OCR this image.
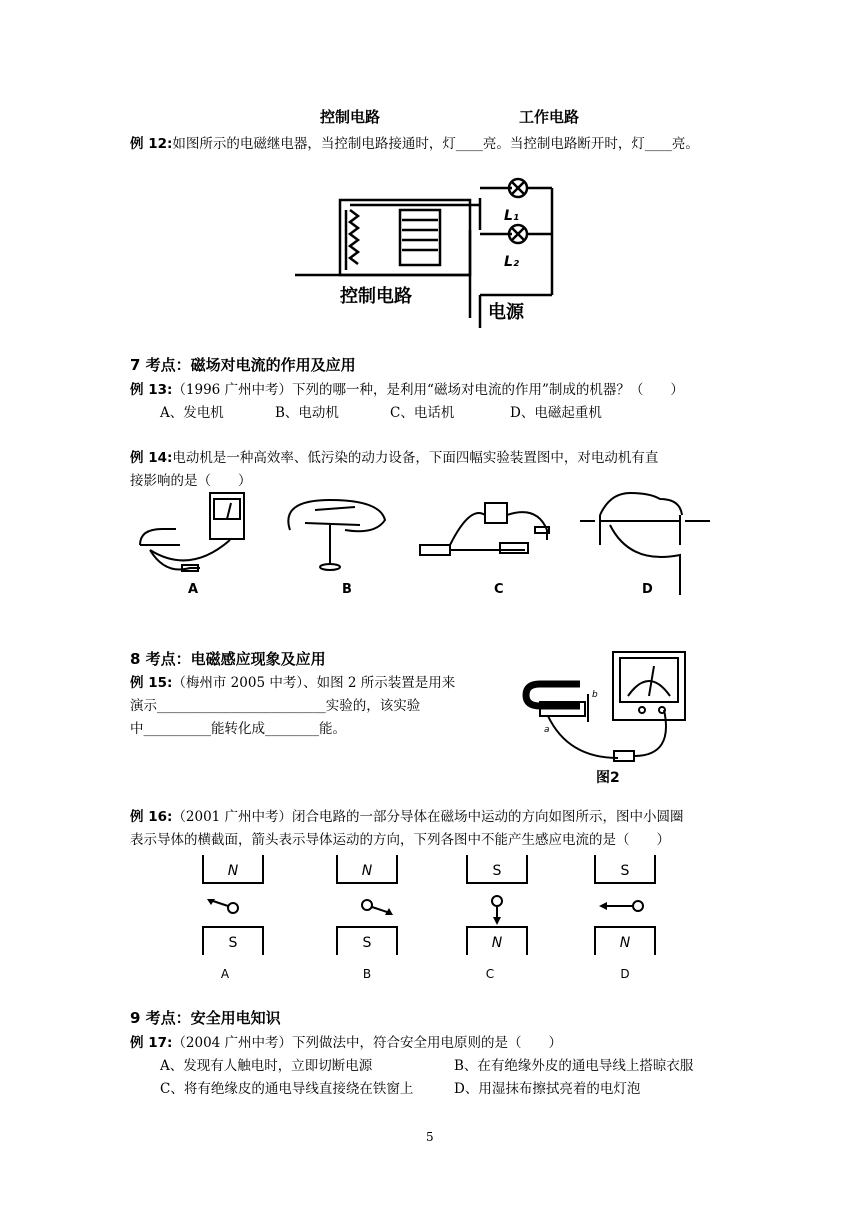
控制电路	工作电路
例 12:如图所示的电磁继电器，当控制电路接通时，灯____亮。当控制电路断开时，灯____亮。
L₁
L₂
控制电路
电源
7 考点：磁场对电流的作用及应用
例 13:（1996 广州中考）下列的哪一种，是利用“磁场对电流的作用”制成的机器？（　　）
A、发电机	B、电动机	C、电话机	D、电磁起重机
例 14:电动机是一种高效率、低污染的动力设备，下面四幅实验装置图中，对电动机有直
接影响的是（　　）
A	B	C	D
8 考点：电磁感应现象及应用
例 15:（梅州市 2005 中考）、如图 2 所示装置是用来
演示_________________________实验的，该实验
中__________能转化成________能。	a
b
图2
例 16:（2001 广州中考）闭合电路的一部分导体在磁场中运动的方向如图所示，图中小圆圈
表示导体的横截面，箭头表示导体运动的方向，下列各图中不能产生感应电流的是（　　）
N
S
N
S
S
N
S
N
A	B	C	D
9 考点：安全用电知识
例 17:（2004 广州中考）下列做法中，符合安全用电原则的是（　　）
A、发现有人触电时，立即切断电源	B、在有绝缘外皮的通电导线上搭晾衣服
C、将有绝缘皮的通电导线直接绕在铁窗上	D、用湿抹布擦拭亮着的电灯泡
5
